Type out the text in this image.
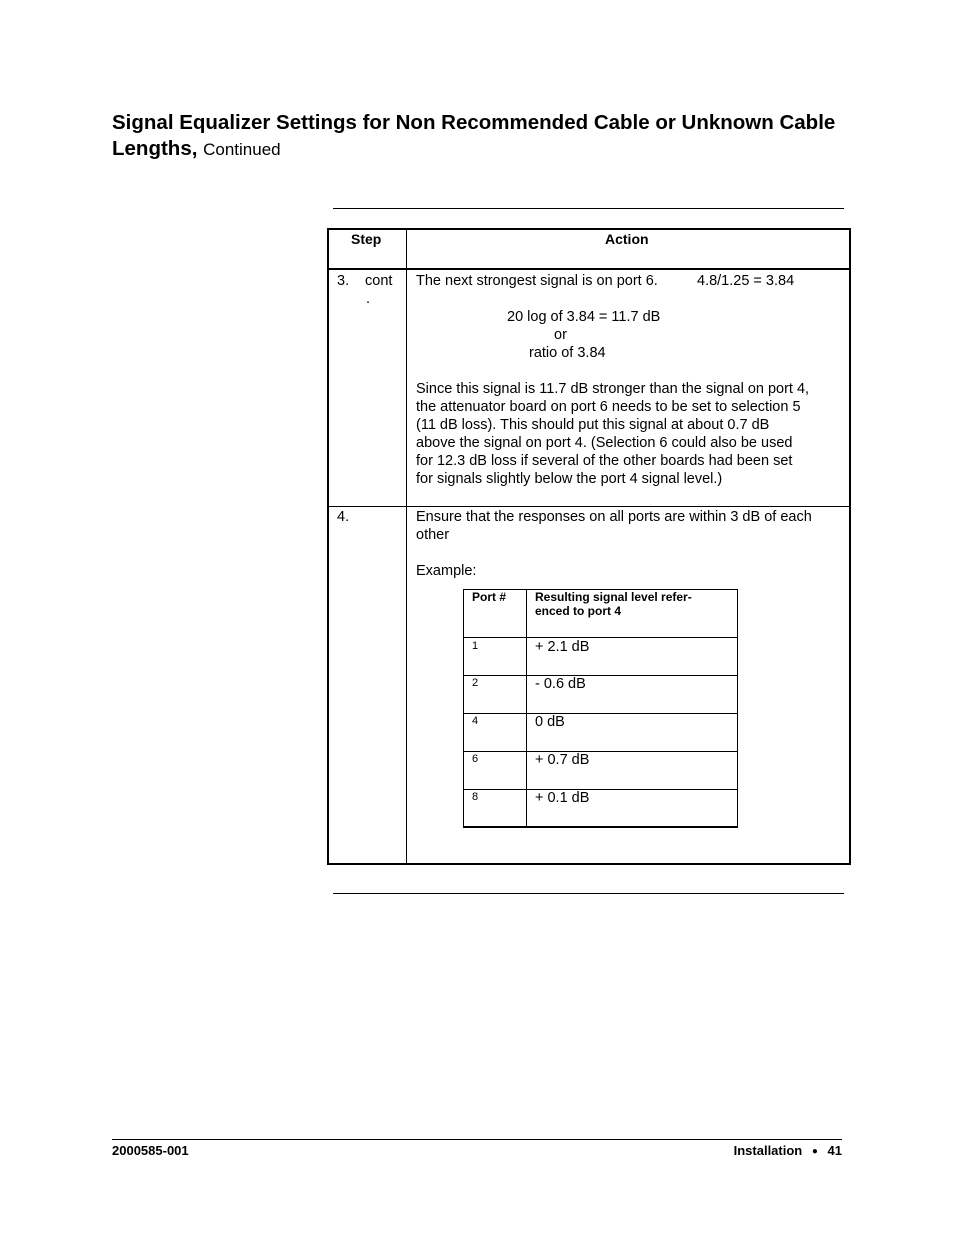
Signal Equalizer Settings for Non Recommended Cable or Unknown Cable Lengths, Continued
Step	Action
3. cont
.
The next strongest signal is on port 6.	4.8/1.25 = 3.84
20 log of 3.84 = 11.7 dB
or
ratio of 3.84
Since this signal is 11.7 dB stronger than the signal on port 4,
the attenuator board on port 6 needs to be set to selection 5
(11 dB loss). This should put this signal at about 0.7 dB
above the signal on port 4. (Selection 6 could also be used
for 12.3 dB loss if several of the other boards had been set
for signals slightly below the port 4 signal level.)
4.	Ensure that the responses on all ports are within 3 dB of each
other
Example:
Port # Resulting signal level refer-
enced to port 4
1	+ 2.1 dB
2	- 0.6 dB
4	0 dB
6	+ 0.7 dB
8	+ 0.1 dB
2000585-001	Installation ● 41
